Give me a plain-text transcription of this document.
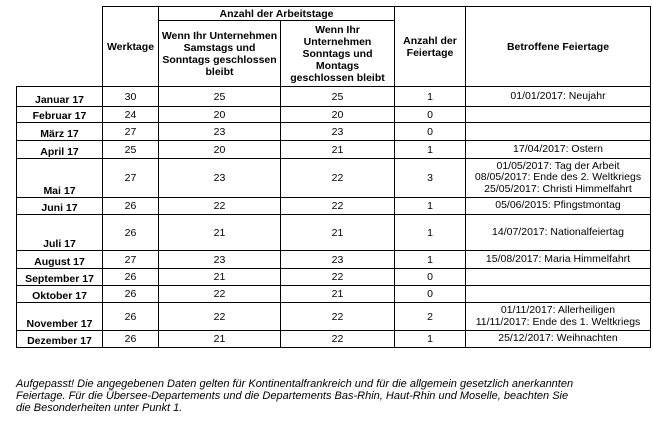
	Werktage	Anzahl der Arbeitstage		Anzahl der Feiertage	Betroffene Feiertage
		Wenn Ihr Unternehmen Samstags und Sonntags geschlossen bleibt	Wenn Ihr Unternehmen Sonntags und Montags geschlossen bleibt		
Januar 17	30	25	25	1	01/01/2017: Neujahr

Februar 17	24	20	20	0	
März 17	27	23	23	0	
April 17	25	20	21	1	17/04/2017: Ostern

Mai 17	27	23	22	3	01/05/2017: Tag der Arbeit
08/05/2017: Ende des 2. Weltkriegs
25/05/2017: Christi Himmelfahrt

Juni 17	26	22	22	1	05/06/2015: Pfingstmontag

Juli 17	26	21	21	1	14/07/2017: Nationalfeiertag

August 17	27	23	23	1	15/08/2017: Maria Himmelfahrt

September 17	26	21	22	0	
Oktober 17	26	22	21	0	
November 17	26	22	22	2	01/11/2017: Allerheiligen
11/11/2017: Ende des 1. Weltkriegs

Dezember 17	26	21	22	1	25/12/2017: Weihnachten
Aufgepasst! Die angegebenen Daten gelten für Kontinentalfrankreich und für die allgemein gesetzlich anerkannten
Feiertage. Für die Übersee-Departements und die Departements Bas-Rhin, Haut-Rhin und Moselle, beachten Sie
die Besonderheiten unter Punkt 1.
